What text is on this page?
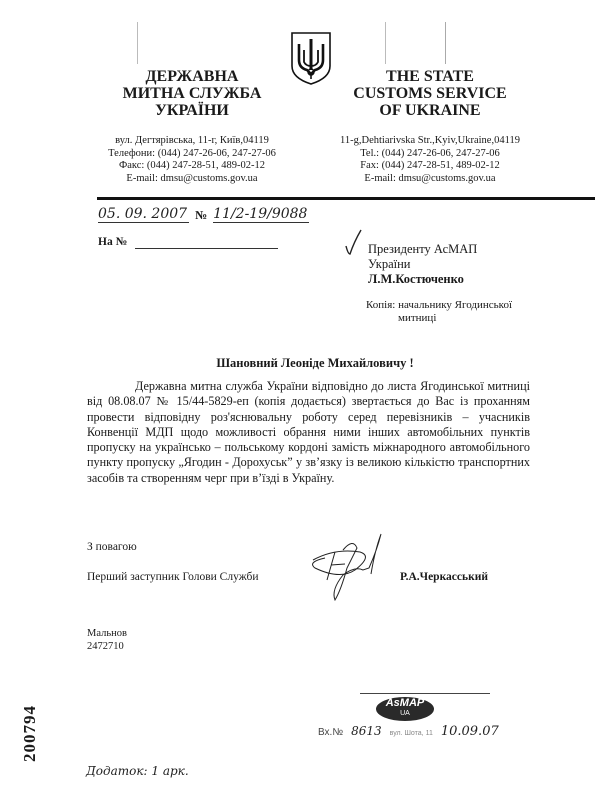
ДЕРЖАВНА
МИТНА СЛУЖБА
УКРАЇНИ
вул. Дегтярівська, 11-г, Київ,04119
Телефони: (044) 247-26-06, 247-27-06
Факс: (044) 247-28-51, 489-02-12
E-mail: dmsu@customs.gov.ua
THE STATE
CUSTOMS SERVICE
OF UKRAINE
11-g,Dehtiarivska Str.,Kyiv,Ukraine,04119
Tel.: (044) 247-26-06, 247-27-06
Fax: (044) 247-28-51, 489-02-12
E-mail: dmsu@customs.gov.ua
05. 09. 2007 № 11/2-19/9088
На №	Президенту АсМАП
України
Л.М.Костюченко
Копія: начальнику Ягодинської
митниці
Шановний Леоніде Михайловичу !

Державна митна служба України відповідно до листа Ягодинської митниці від 08.08.07 № 15/44-5829-еп (копія додається) звертається до Вас із проханням провести відповідну роз'яснювальну роботу серед перевізників – учасників Конвенції МДП щодо можливості обрання ними інших автомобільних пунктів пропуску на українсько – польському кордоні замість міжнародного автомобільного пункту пропуску „Ягодин - Дорохуськ” у зв’язку із великою кількістю транспортних засобів та створенням черг при в’їзді в Україну.

З повагою
Перший заступник Голови Служби	Р.А.Черкасський
Мальнов
2472710
200794
Додаток: 1 арк.
AsMAP
UA
Вх.№ 8613 вул. Шота, 11 10.09.07
